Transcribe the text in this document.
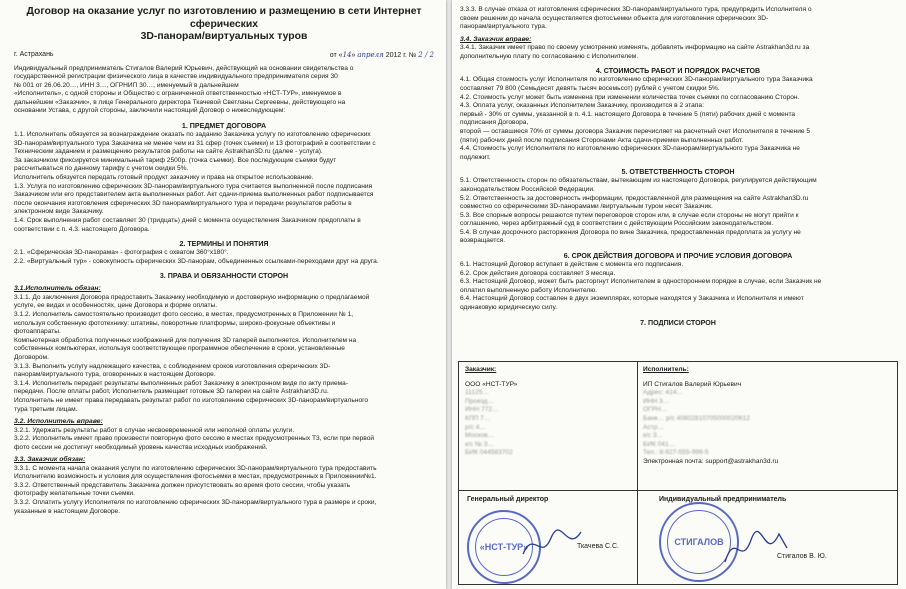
Договор на оказание услуг по изготовлению и размещению в сети Интернет сферических
3D-панорам/виртуальных туров
г. Астрахань	от «14» апреля 2012 г. № 2 / 2
Индивидуальный предприниматель Стигалов Валерий Юрьевич, действующий на основании свидетельства о
государственной регистрации физического лица в качестве индивидуального предпринимателя серия 30
№ 001 от 26.06.20…, ИНН 3…, ОГРНИП 30…, именуемый в дальнейшем
«Исполнитель», с одной стороны и Общество с ограниченной ответственностью «НСТ-ТУР», именуемое в
дальнейшем «Заказчик», в лице Генерального директора Ткачевой Светланы Сергеевны, действующего на
основании Устава, с другой стороны, заключили настоящий Договор о нижеследующем:
1. ПРЕДМЕТ ДОГОВОРА
1.1. Исполнитель обязуется за вознаграждение оказать по заданию Заказчика услугу по изготовлению сферических
3D-панорам/виртуального тура Заказчика не менее чем из 31 сфер (точек съемки) и 13 фотографий в соответствии с
Техническим заданием и размещению результатов работы на сайте Astrakhan3D.ru (далее - услуга).
За заказчиком фиксируется минимальный тариф 2500р. (точка съемки). Все последующие съемки будут
рассчитываться по данному тарифу с учетом скидки 5%.
Исполнитель обязуется передать готовый продукт заказчику и права на открытое использование.
1.3. Услуга по изготовлению сферических 3D-панорам/виртуального тура считается выполненной после подписания
Заказчиком или его представителем акта выполненных работ. Акт сдачи-приема выполненных работ подписывается
после окончания изготовления сферических 3D панорам/виртуального тура и передачи результатов работы в
электронном виде Заказчику.
1.4. Срок выполнения работ составляет 30 (тридцать) дней с момента осуществления Заказчиком предоплаты в
соответствии с п. 4.3. настоящего Договора.
2. ТЕРМИНЫ И ПОНЯТИЯ
2.1. «Сферическая 3D-панорама» - фотография с охватом 360°х180°.
2.2. «Виртуальный тур» - совокупность сферических 3D-панорам, объединенных ссылками-переходами друг на друга.
3. ПРАВА И ОБЯЗАННОСТИ СТОРОН
3.1.Исполнитель обязан:
3.1.1. До заключения Договора предоставить Заказчику необходимую и достоверную информацию о предлагаемой
услуге, ее видах и особенностях, цене Договора и форме оплаты.
3.1.2. Исполнитель самостоятельно производит фото сессию, в местах, предусмотренных в Приложении № 1,
используя собственную фототехнику: штативы, поворотные платформы, широко-фокусные объективы и
фотоаппараты.
Компьютерная обработка полученных изображений для получения 3D галерей выполняется. Исполнителем на
собственных компьютерах, используя соответствующее программное обеспечение в сроки, установленные
Договором.
3.1.3. Выполнить услугу надлежащего качества, с соблюдением сроков изготовления сферических 3D-
панорам/виртуального тура, оговоренных в настоящем Договоре.
3.1.4. Исполнитель передает результаты выполненных работ Заказчику в электронном виде по акту приема-
передачи. После оплаты работ, Исполнитель размещает готовые 3D галереи на сайте Astrakhan3D.ru.
Исполнитель не имеет права передавать результат работ по изготовлению сферических 3D-панорам/виртуального
тура третьим лицам.
3.2. Исполнитель вправе:
3.2.1. Удержать результаты работ в случае несвоевременной или неполной оплаты услуги.
3.2.2. Исполнитель имеет право произвести повторную фото сессию в местах предусмотренных Т3, если при первой
фото сессии не достигнут необходимый уровень качества исходных изображений.
3.3. Заказчик обязан:
3.3.1. С момента начала оказания услуги по изготовлению сферических 3D-панорам/виртуального тура предоставить
Исполнителю возможность и условия для осуществления фотосъемки в местах, предусмотренных в Приложении№1.
3.3.2. Ответственный представитель Заказчика должен присутствовать во время фото сессии, чтобы указать
фотографу желательные точки съемки.
3.3.2. Оплатить услугу Исполнителя по изготовлению сферических 3D-панорам/виртуального тура в размере и сроки,
указанные в настоящем Договоре.
3.3.3. В случае отказа от изготовления сферических 3D-панорам/виртуального тура, предупредить Исполнителя о
своем решении до начала осуществляется фотосъемки объекта для изготовления сферических 3D-
панорам/виртуального тура.
3.4. Заказчик вправе:
3.4.1. Заказчик имеет право по своему усмотрению изменять, добавлять информацию на сайте Astrakhan3d.ru за
дополнительную плату по согласованию с Исполнителем.
4. СТОИМОСТЬ РАБОТ И ПОРЯДОК РАСЧЕТОВ
4.1. Общая стоимость услуг Исполнителя по изготовлению сферических 3D-панорам/виртуального тура Заказчика
составляет 79 800 (Семьдесят девять тысяч восемьсот) рублей с учетом скидки 5%.
4.2. Стоимость услуг может быть изменена при изменении количества точек съемки по согласованию Сторон.
4.3. Оплата услуг, оказанных Исполнителем Заказчику, производится в 2 этапа:
первый - 30% от суммы, указанной в п. 4.1. настоящего Договора в течение 5 (пяти) рабочих дней с момента
подписания Договора,
второй — оставшиеся 70% от суммы договора Заказчик перечисляет на расчетный счет Исполнителя в течение 5
(пяти) рабочих дней после подписания Сторонами Акта сдачи-приемки выполненных работ.
4.4. Стоимость услуг Исполнителя по изготовлению сферических 3D-панорам/виртуального тура Заказчика не
подлежит.
5. ОТВЕТСТВЕННОСТЬ СТОРОН
5.1. Ответственность сторон по обязательствам, вытекающим из настоящего Договора, регулируется действующим
законодательством Российской Федерации.
5.2. Ответственность за достоверность информации, предоставленной для размещения на сайте Astrakhan3D.ru
совместно со сферическими 3D-панорамами /виртуальным туром несет Заказчик.
5.3. Все спорные вопросы решаются путем переговоров сторон или, в случае если стороны не могут прийти к
соглашению, через арбитражный суд в соответствии с действующим Российским законодательством.
5.4. В случае досрочного расторжения Договора по вине Заказчика, предоставленная предоплата за услугу не
возвращается.
6. СРОК ДЕЙСТВИЯ ДОГОВОРА И ПРОЧИЕ УСЛОВИЯ ДОГОВОРА
6.1. Настоящий Договор вступает в действие с момента его подписания.
6.2. Срок действия договора составляет 3 месяца.
6.3. Настоящий Договор, может быть расторгнут Исполнителем в одностороннем порядке в случае, если Заказчик не
оплатил выполненную работу Исполнителю.
6.4. Настоящий Договор составлен в двух экземплярах, которые находятся у Заказчика и Исполнителя и имеют
одинаковую юридическую силу.
7. ПОДПИСИ СТОРОН
Заказчик:
ООО «НСТ-ТУР»
11125…
Проезд…
ИНН 772…
КПП 7…
р/с 4…
Москов…
к/с № 3…
БИК 044583702
Исполнитель:
ИП Стигалов Валерий Юрьевич
Адрес: 414…
ИНН 3…
ОГРН…
Банк… р/с 40802810705000020612
Астр…
к/с 3…
БИК 041…
Тел.: 8-927-555-999-5
Электронная почта: support@astrakhan3d.ru
Генеральный директор	Индивидуальный предприниматель
Ткачева С.С.
Стигалов В. Ю.
«НСТ-ТУР»	СТИГАЛОВ
